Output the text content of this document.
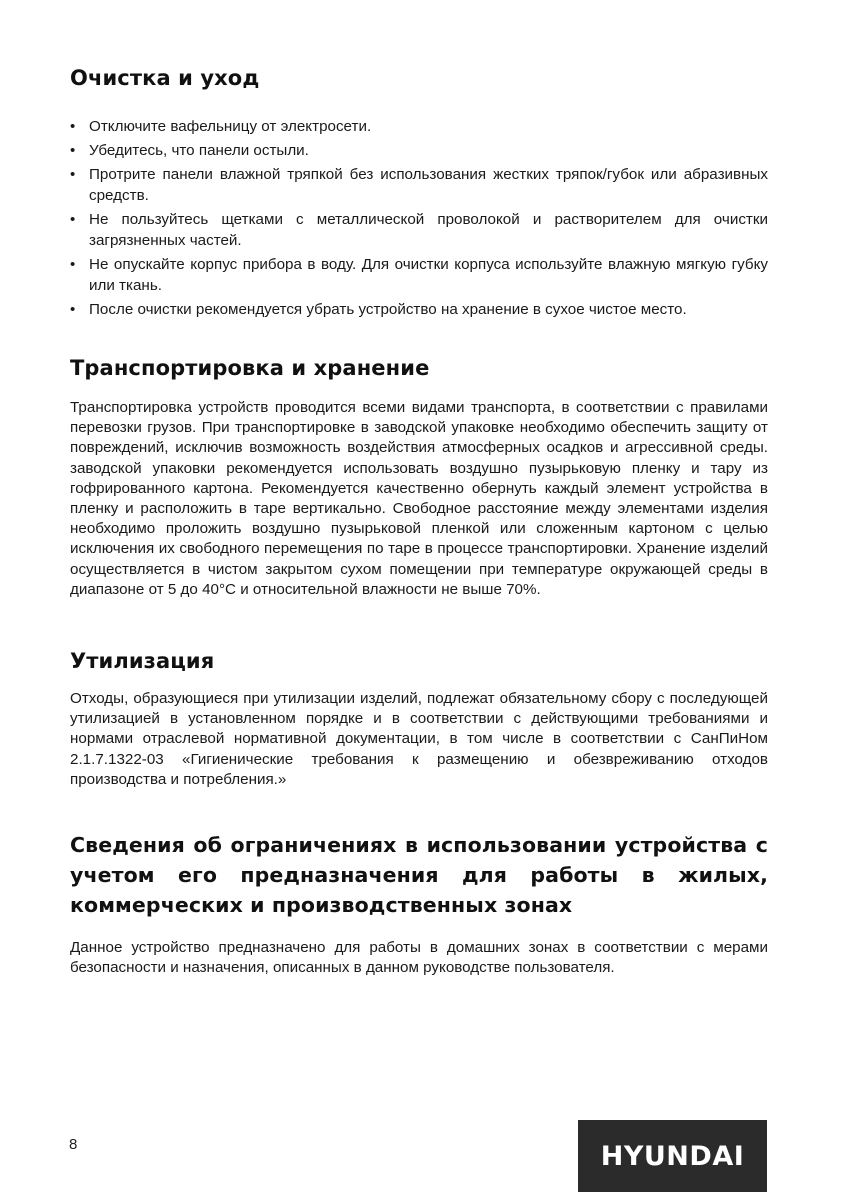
Очистка и уход
• Отключите вафельницу от электросети.
• Убедитесь, что панели остыли.
• Протрите панели влажной тряпкой без использования жестких тряпок/губок или абразивных средств.
• Не пользуйтесь щетками с металлической проволокой и растворителем для очистки загрязненных частей.
• Не опускайте корпус прибора в воду. Для очистки корпуса используйте влажную мягкую губку или ткань.
• После очистки рекомендуется убрать устройство на хранение в сухое чистое место.
Транспортировка и хранение

Транспортировка устройств проводится всеми видами транспорта, в соответствии с правилами перевозки грузов. При транспортировке в заводской упаковке необходимо обеспечить защиту от повреждений, исключив возможность воздействия атмосферных осадков и агрессивной среды. заводской упаковки рекомендуется использовать воздушно пузырьковую пленку и тару из гофрированного картона. Рекомендуется качественно обернуть каждый элемент устройства в пленку и расположить в таре вертикально. Свободное расстояние между элементами изделия необходимо проложить воздушно пузырьковой пленкой или сложенным картоном с целью исключения их свободного перемещения по таре в процессе транспортировки. Хранение изделий осуществляется в чистом закрытом сухом помещении при температуре окружающей среды в диапазоне от 5 до 40°С и относительной влажности не выше 70%.

Утилизация

Отходы, образующиеся при утилизации изделий, подлежат обязательному сбору с последующей утилизацией в установленном порядке и в соответствии с действующими требованиями и нормами отраслевой нормативной документации, в том числе в соответствии с СанПиНом 2.1.7.1322-03 «Гигиенические требования к размещению и обезвреживанию отходов производства и потребления.»

Сведения об ограничениях в использовании устройства с учетом его предназначения для работы в жилых, коммерческих и производственных зонах

Данное устройство предназначено для работы в домашних зонах в соответствии с мерами безопасности и назначения, описанных в данном руководстве пользователя.

8	HYUNDAI
